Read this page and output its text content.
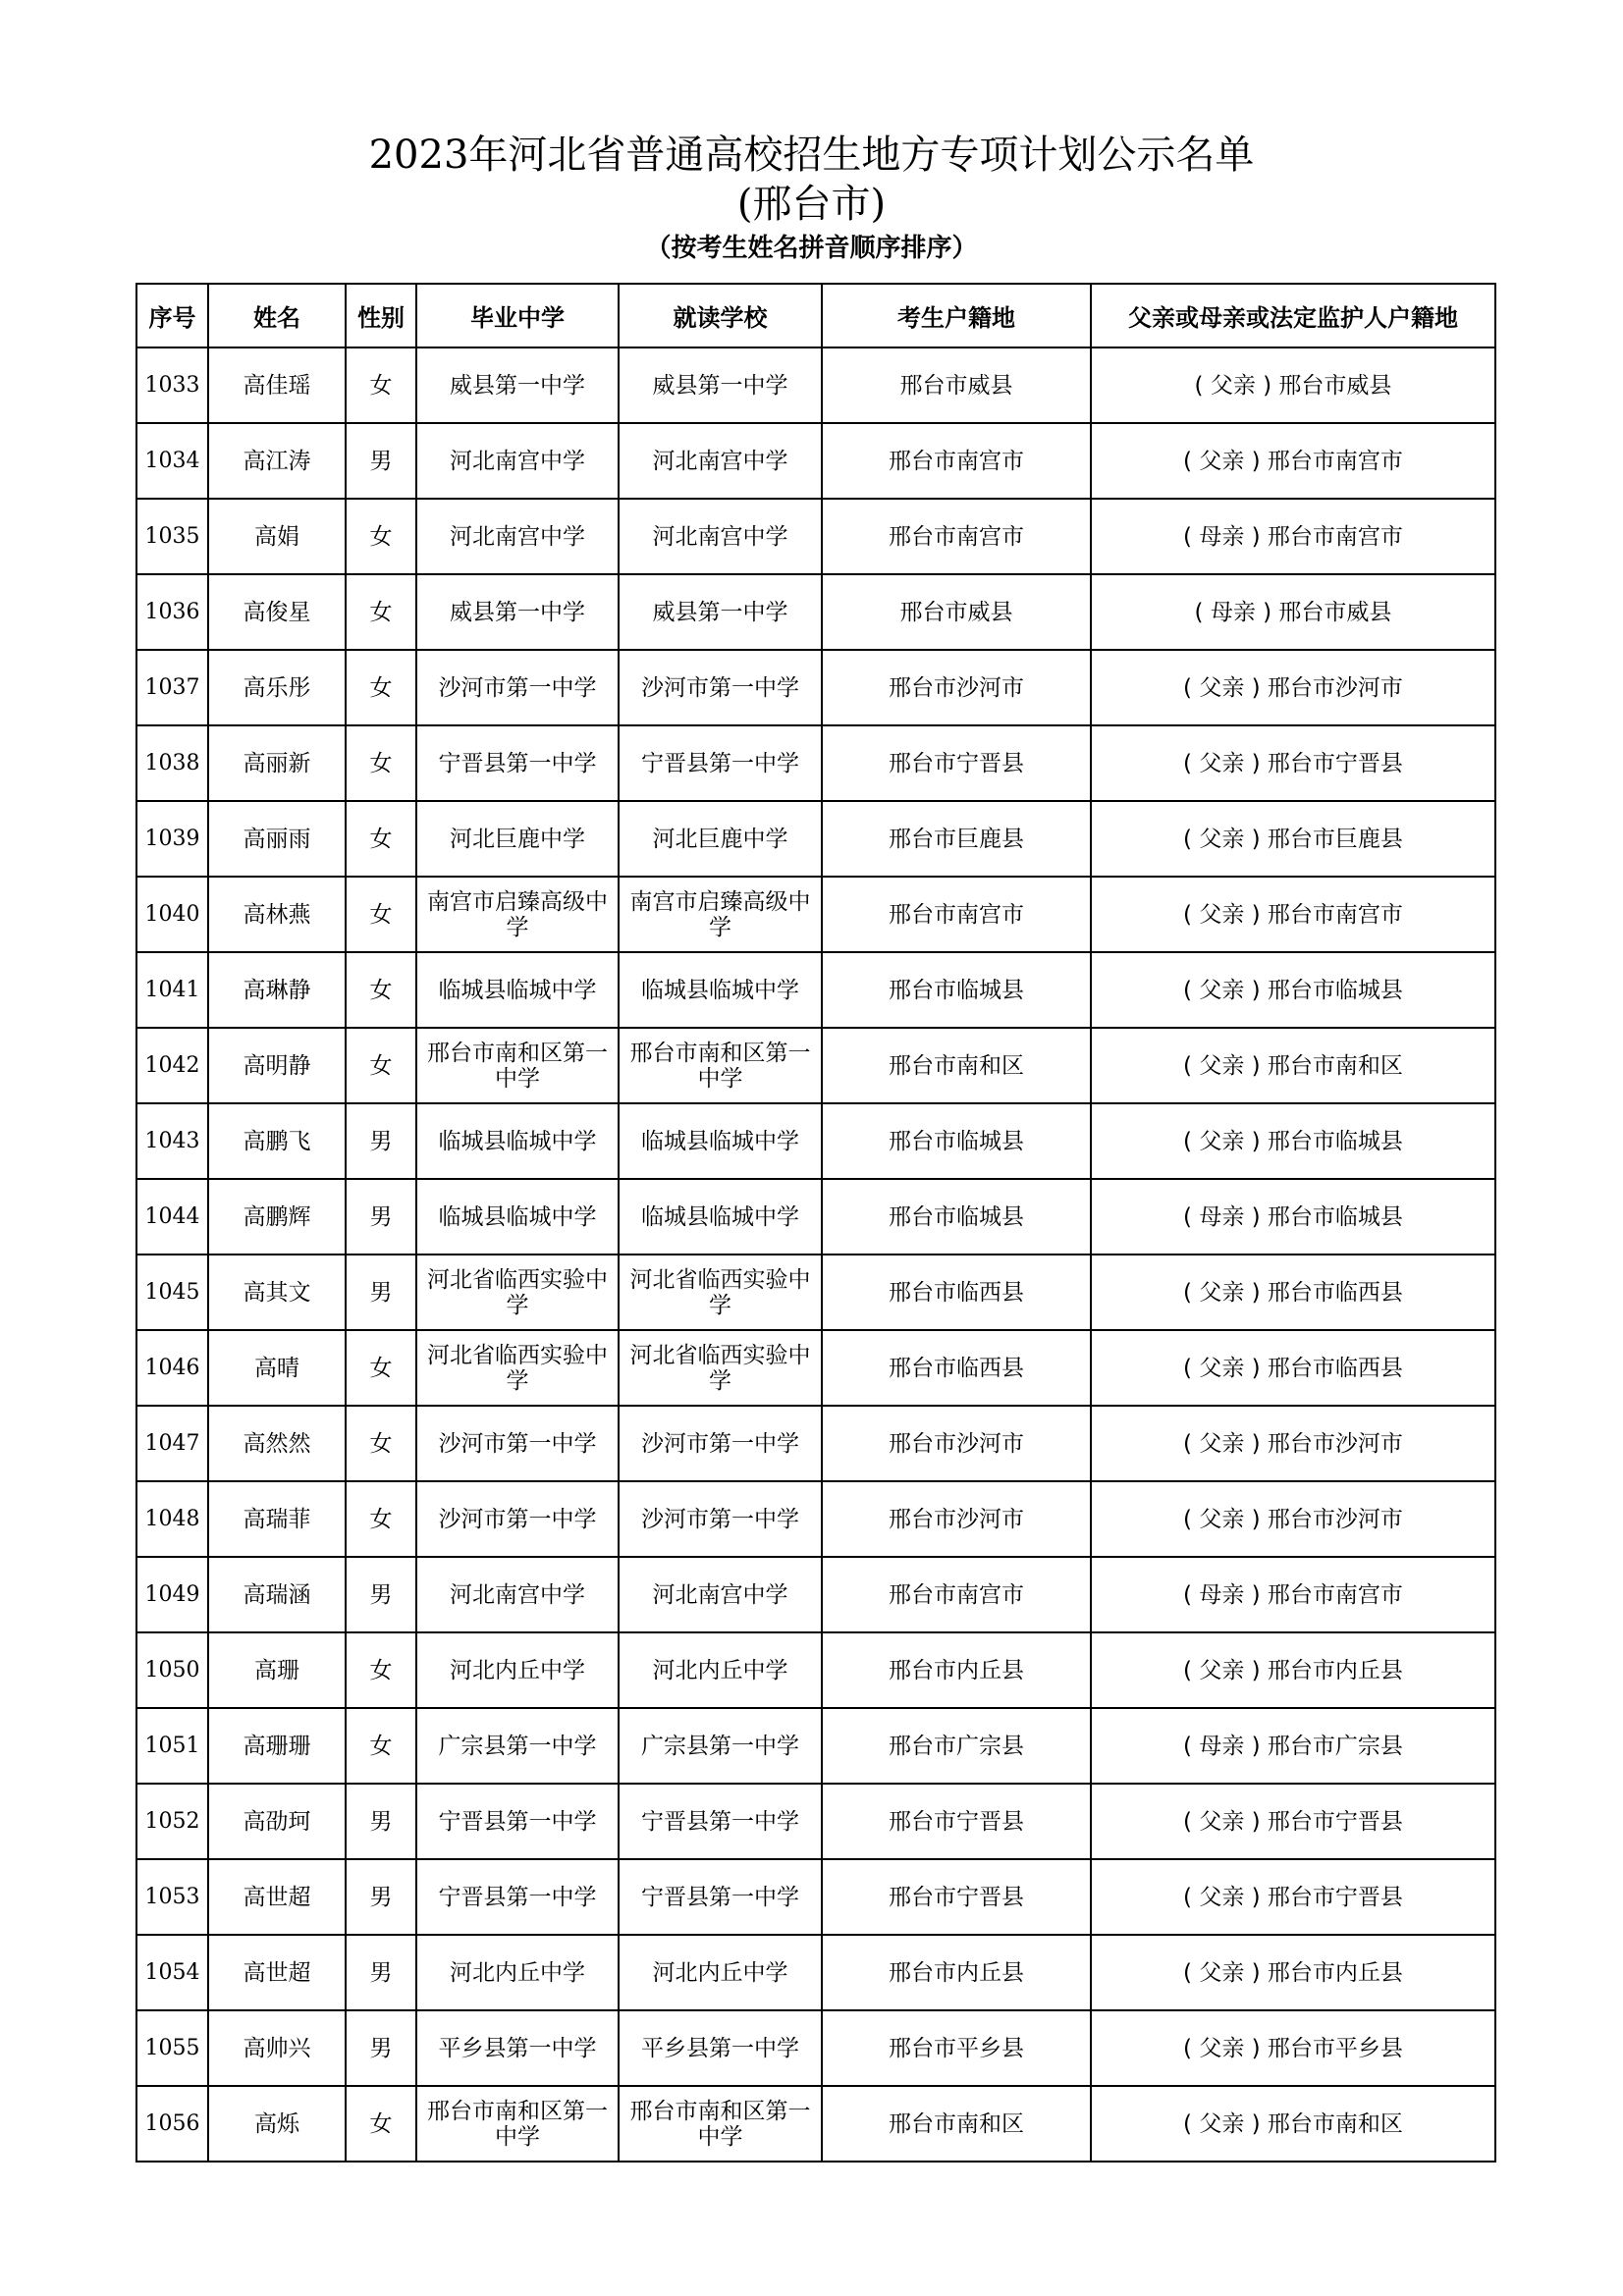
2023年河北省普通高校招生地方专项计划公示名单
(邢台市)
（按考生姓名拼音顺序排序）
序号	姓名	性别	毕业中学	就读学校	考生户籍地	父亲或母亲或法定监护人户籍地
1033	高佳瑶	女	威县第一中学	威县第一中学	邢台市威县	( 父亲 ) 邢台市威县
1034	高江涛	男	河北南宫中学	河北南宫中学	邢台市南宫市	( 父亲 ) 邢台市南宫市
1035	高娟	女	河北南宫中学	河北南宫中学	邢台市南宫市	( 母亲 ) 邢台市南宫市
1036	高俊星	女	威县第一中学	威县第一中学	邢台市威县	( 母亲 ) 邢台市威县
1037	高乐彤	女	沙河市第一中学	沙河市第一中学	邢台市沙河市	( 父亲 ) 邢台市沙河市
1038	高丽新	女	宁晋县第一中学	宁晋县第一中学	邢台市宁晋县	( 父亲 ) 邢台市宁晋县
1039	高丽雨	女	河北巨鹿中学	河北巨鹿中学	邢台市巨鹿县	( 父亲 ) 邢台市巨鹿县
1040	高林燕	女	南宫市启臻高级中学	南宫市启臻高级中学	邢台市南宫市	( 父亲 ) 邢台市南宫市
1041	高琳静	女	临城县临城中学	临城县临城中学	邢台市临城县	( 父亲 ) 邢台市临城县
1042	高明静	女	邢台市南和区第一中学	邢台市南和区第一中学	邢台市南和区	( 父亲 ) 邢台市南和区
1043	高鹏飞	男	临城县临城中学	临城县临城中学	邢台市临城县	( 父亲 ) 邢台市临城县
1044	高鹏辉	男	临城县临城中学	临城县临城中学	邢台市临城县	( 母亲 ) 邢台市临城县
1045	高其文	男	河北省临西实验中学	河北省临西实验中学	邢台市临西县	( 父亲 ) 邢台市临西县
1046	高晴	女	河北省临西实验中学	河北省临西实验中学	邢台市临西县	( 父亲 ) 邢台市临西县
1047	高然然	女	沙河市第一中学	沙河市第一中学	邢台市沙河市	( 父亲 ) 邢台市沙河市
1048	高瑞菲	女	沙河市第一中学	沙河市第一中学	邢台市沙河市	( 父亲 ) 邢台市沙河市
1049	高瑞涵	男	河北南宫中学	河北南宫中学	邢台市南宫市	( 母亲 ) 邢台市南宫市
1050	高珊	女	河北内丘中学	河北内丘中学	邢台市内丘县	( 父亲 ) 邢台市内丘县
1051	高珊珊	女	广宗县第一中学	广宗县第一中学	邢台市广宗县	( 母亲 ) 邢台市广宗县
1052	高劭珂	男	宁晋县第一中学	宁晋县第一中学	邢台市宁晋县	( 父亲 ) 邢台市宁晋县
1053	高世超	男	宁晋县第一中学	宁晋县第一中学	邢台市宁晋县	( 父亲 ) 邢台市宁晋县
1054	高世超	男	河北内丘中学	河北内丘中学	邢台市内丘县	( 父亲 ) 邢台市内丘县
1055	高帅兴	男	平乡县第一中学	平乡县第一中学	邢台市平乡县	( 父亲 ) 邢台市平乡县
1056	高烁	女	邢台市南和区第一中学	邢台市南和区第一中学	邢台市南和区	( 父亲 ) 邢台市南和区
